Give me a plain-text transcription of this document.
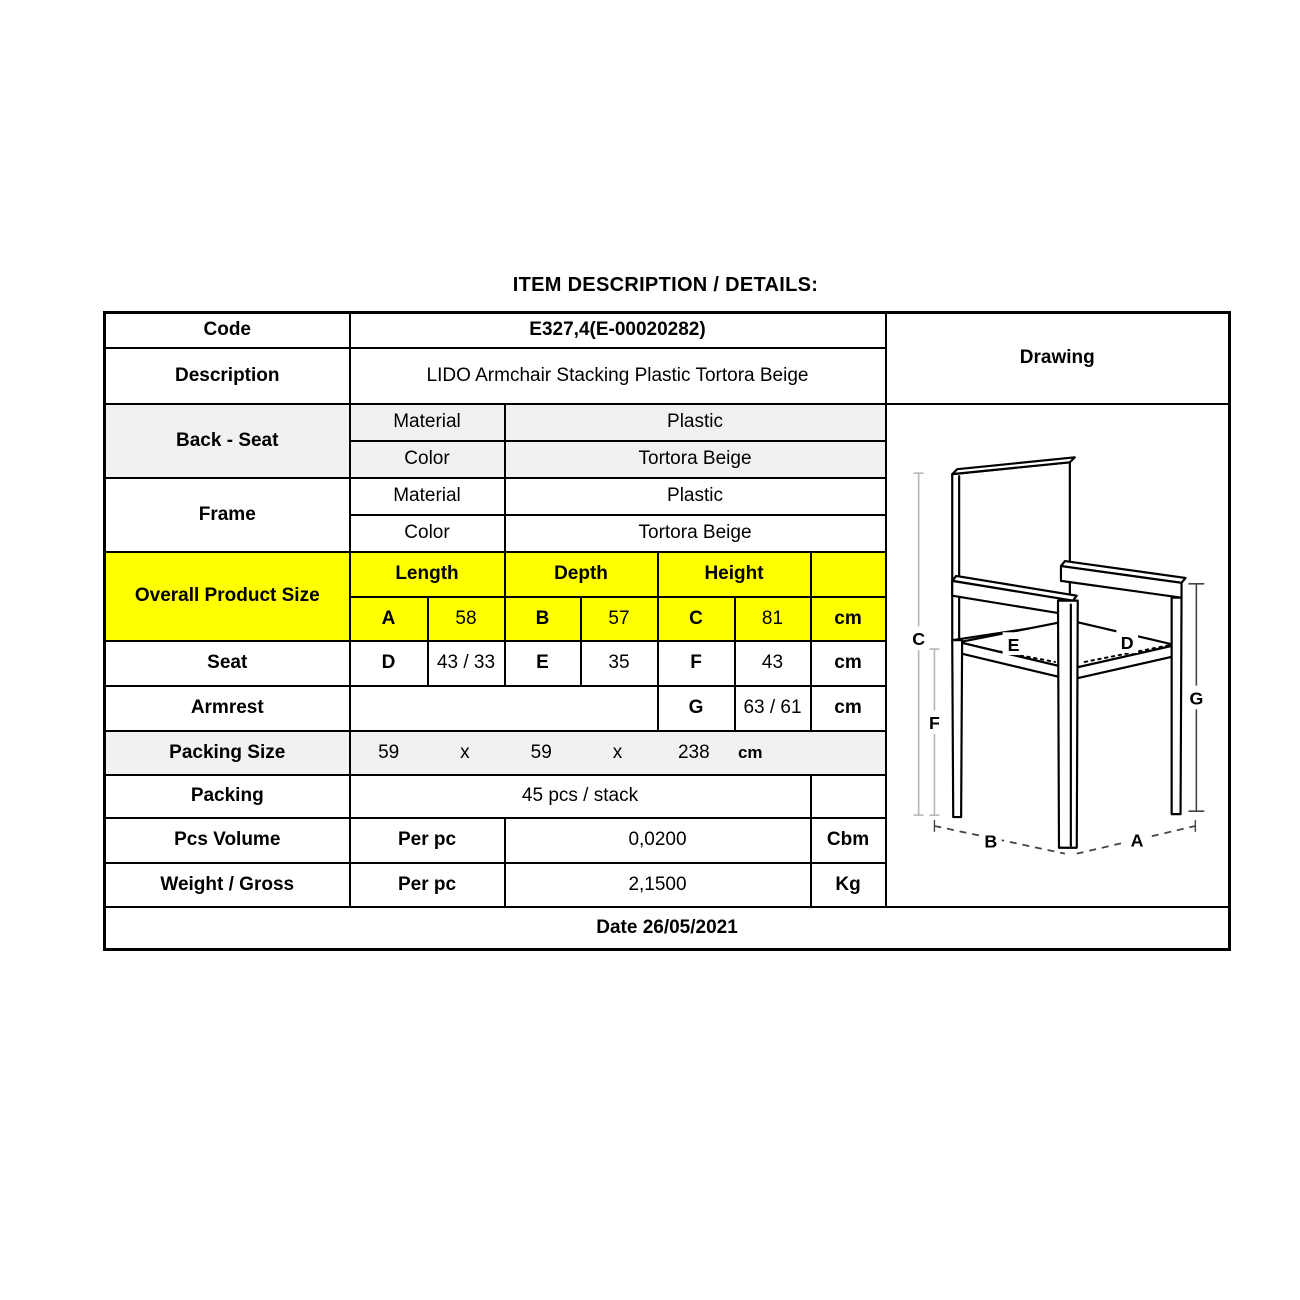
ITEM DESCRIPTION / DETAILS:
Code	E327,4(E-00020282)							Drawing
Description	LIDO Armchair Stacking Plastic Tortora Beige							
Back - Seat	Material	Plastic	
C
F
G
E	D
B	A

	Color		Tortora Beige					
Frame	Material		Plastic					
	Color		Tortora Beige					
Overall Product Size	Length		Depth		Height			
	A	58	B	57	C	81	cm	
Seat	D	43 / 33	E	35	F	43	cm	
Armrest					G	63 / 61	cm	
Packing Size	59	x	59	x	238	cm

Packing	45 pcs / stack							
Pcs Volume	Per pc		0,0200				Cbm	
Weight / Gross	Per pc		2,1500				Kg	
Date 26/05/2021								
